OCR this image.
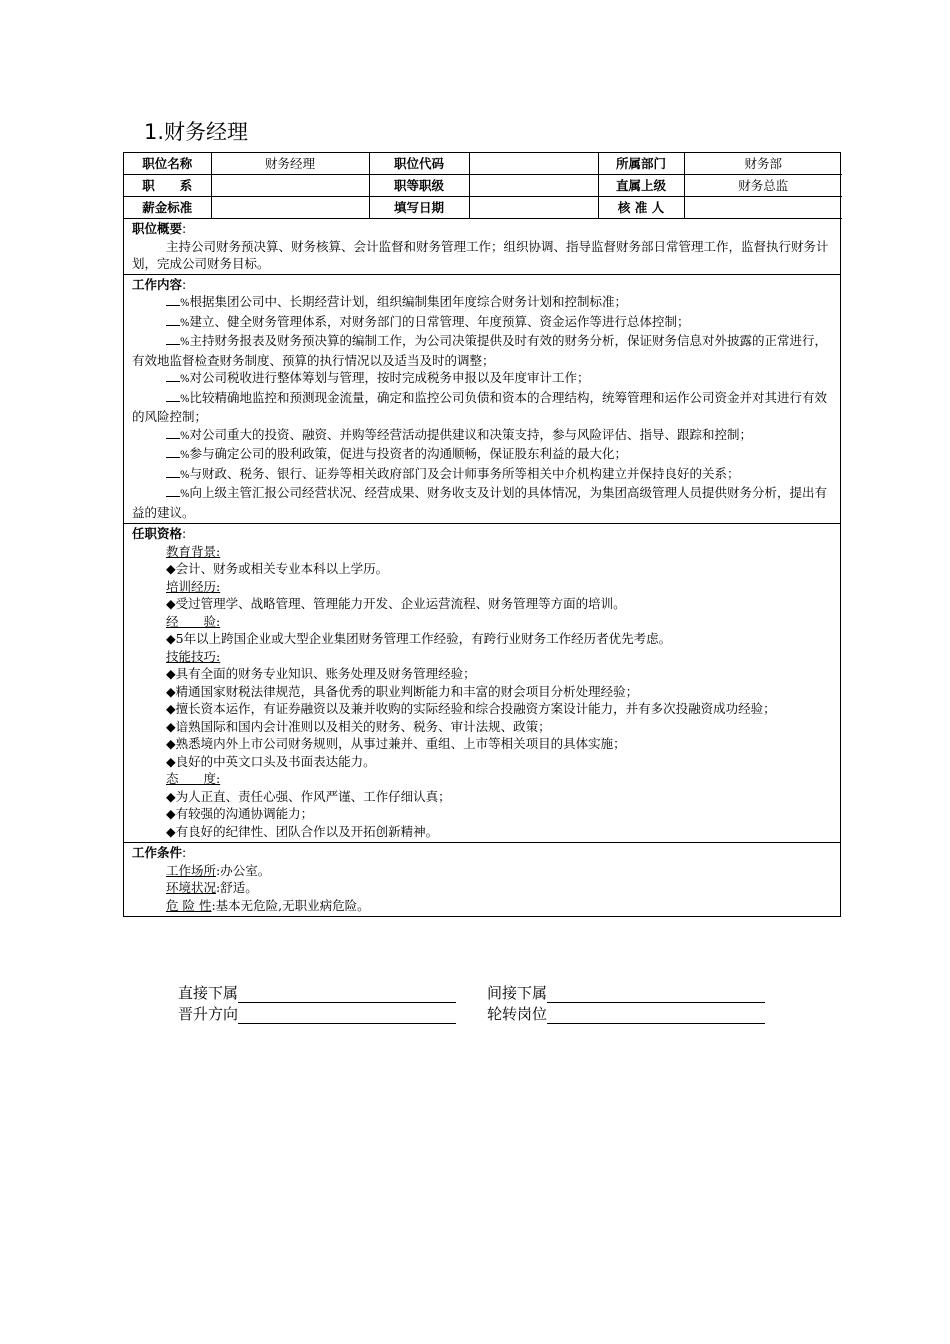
1.财务经理
职位名称	财务经理	职位代码		所属部门	财务部
职　　系		职等职级		直属上级	财务总监
薪金标准		填写日期		核 准 人	
职位概要:
主持公司财务预决算、财务核算、会计监督和财务管理工作；组织协调、指导监督财务部日常管理工作，监督执行财务计划，完成公司财务目标。
工作内容:
%根据集团公司中、长期经营计划，组织编制集团年度综合财务计划和控制标准；
%建立、健全财务管理体系，对财务部门的日常管理、年度预算、资金运作等进行总体控制；
%主持财务报表及财务预决算的编制工作，为公司决策提供及时有效的财务分析，保证财务信息对外披露的正常进行，有效地监督检查财务制度、预算的执行情况以及适当及时的调整；
%对公司税收进行整体筹划与管理，按时完成税务申报以及年度审计工作；
%比较精确地监控和预测现金流量，确定和监控公司负债和资本的合理结构，统筹管理和运作公司资金并对其进行有效的风险控制；
%对公司重大的投资、融资、并购等经营活动提供建议和决策支持，参与风险评估、指导、跟踪和控制；
%参与确定公司的股利政策，促进与投资者的沟通顺畅，保证股东利益的最大化；
%与财政、税务、银行、证券等相关政府部门及会计师事务所等相关中介机构建立并保持良好的关系；
%向上级主管汇报公司经营状况、经营成果、财务收支及计划的具体情况，为集团高级管理人员提供财务分析，提出有益的建议。
任职资格:
教育背景:
◆会计、财务或相关专业本科以上学历。
培训经历:
◆受过管理学、战略管理、管理能力开发、企业运营流程、财务管理等方面的培训。
经　　验:
◆5年以上跨国企业或大型企业集团财务管理工作经验，有跨行业财务工作经历者优先考虑。
技能技巧:
◆具有全面的财务专业知识、账务处理及财务管理经验；
◆精通国家财税法律规范，具备优秀的职业判断能力和丰富的财会项目分析处理经验；
◆擅长资本运作，有证券融资以及兼并收购的实际经验和综合投融资方案设计能力，并有多次投融资成功经验；
◆谙熟国际和国内会计准则以及相关的财务、税务、审计法规、政策；
◆熟悉境内外上市公司财务规则，从事过兼并、重组、上市等相关项目的具体实施；
◆良好的中英文口头及书面表达能力。
态　　度:
◆为人正直、责任心强、作风严谨、工作仔细认真；
◆有较强的沟通协调能力；
◆有良好的纪律性、团队合作以及开拓创新精神。
工作条件:
工作场所:办公室。
环境状况:舒适。
危 险 性:基本无危险,无职业病危险。
直接下属	间接下属
晋升方向	轮转岗位
